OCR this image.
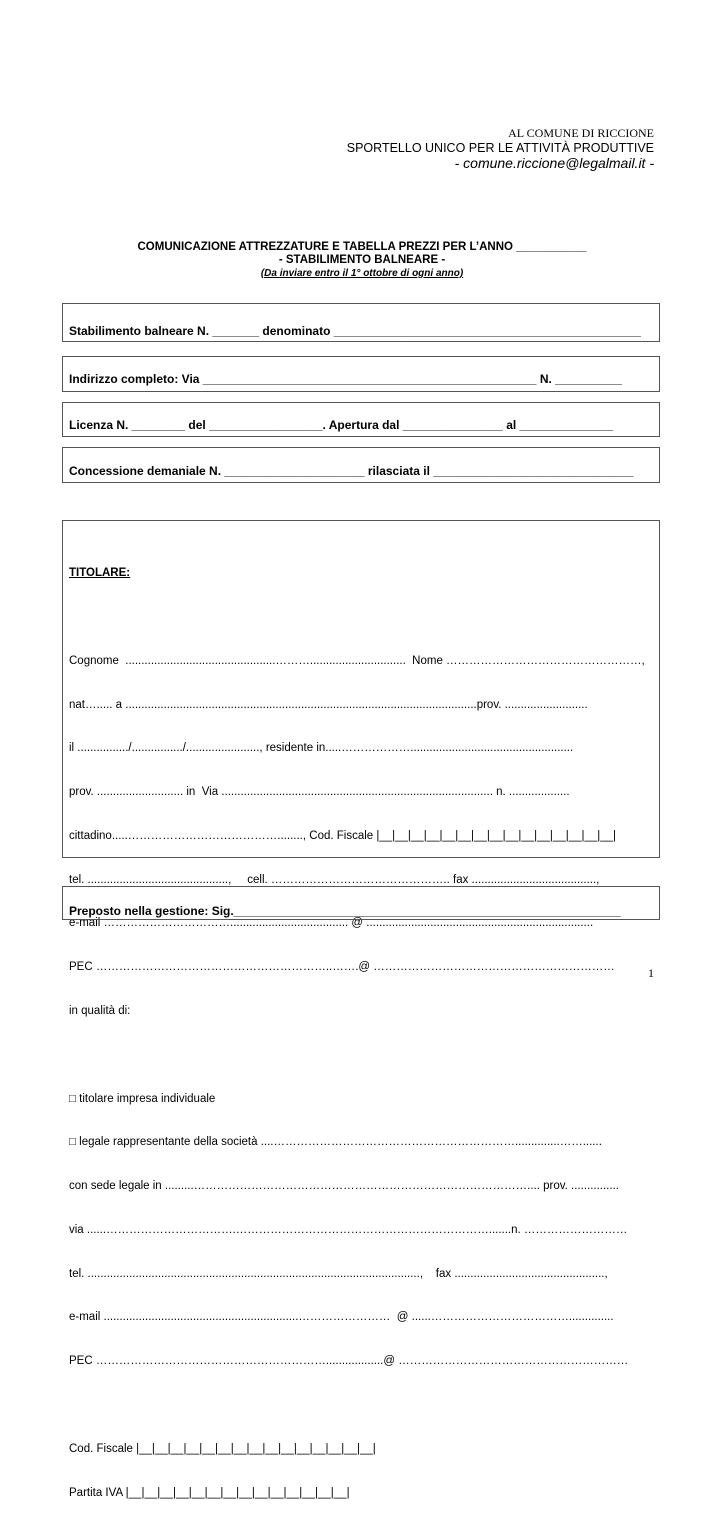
AL COMUNE DI RICCIONE
SPORTELLO UNICO PER LE ATTIVITÀ PRODUTTIVE
- comune.riccione@legalmail.it -
COMUNICAZIONE ATTREZZATURE E TABELLA PREZZI PER L’ANNO ___________
- STABILIMENTO BALNEARE -
(Da inviare entro il 1° ottobre di ogni anno)
Stabilimento balneare N. _______ denominato ______________________________________________
Indirizzo completo: Via __________________________________________________ N. __________
Licenza N. ________ del _________________. Apertura dal _______________ al ______________
Concessione demaniale N. _____________________ rilasciata il ______________________________

TITOLARE:

Cognome  ...............................................………..............................  Nome ……………………………………………,

nat…..... a ..............................................................................................................prov. ..........................

il ................/................/......................., residente in.....………………...................................................

prov. ........................... in  Via ..................................................................................... n. ...................

cittadino.....…………………………………........, Cod. Fiscale |__|__|__|__|__|__|__|__|__|__|__|__|__|__|__|

tel. ............................................,     cell. ……………………………………….. fax .......................................,

e-mail ……………………………..................................... @ .......................................................................

PEC ……………………………………………………..…….@ ………………………………………………………

in qualità di:

□ titolare impresa individuale

□ legale rappresentante della società ....………………………………………………………..............……......

con sede legale in .........…………………………………………………………………………….... prov. ...............

via ......…………………………….………………………………………………………….......n. ………………………

tel. ........................................................................................................,    fax ...............................................,

e-mail .............................................................……………………  @ ......………………………………..............

PEC ……………………………………………………..................@ ……………………………………………………

Cod. Fiscale |__|__|__|__|__|__|__|__|__|__|__|__|__|__|__|

Partita IVA |__|__|__|__|__|__|__|__|__|__|__|__|__|__|

Preposto nella gestione: Sig.__________________________________________________________
1
